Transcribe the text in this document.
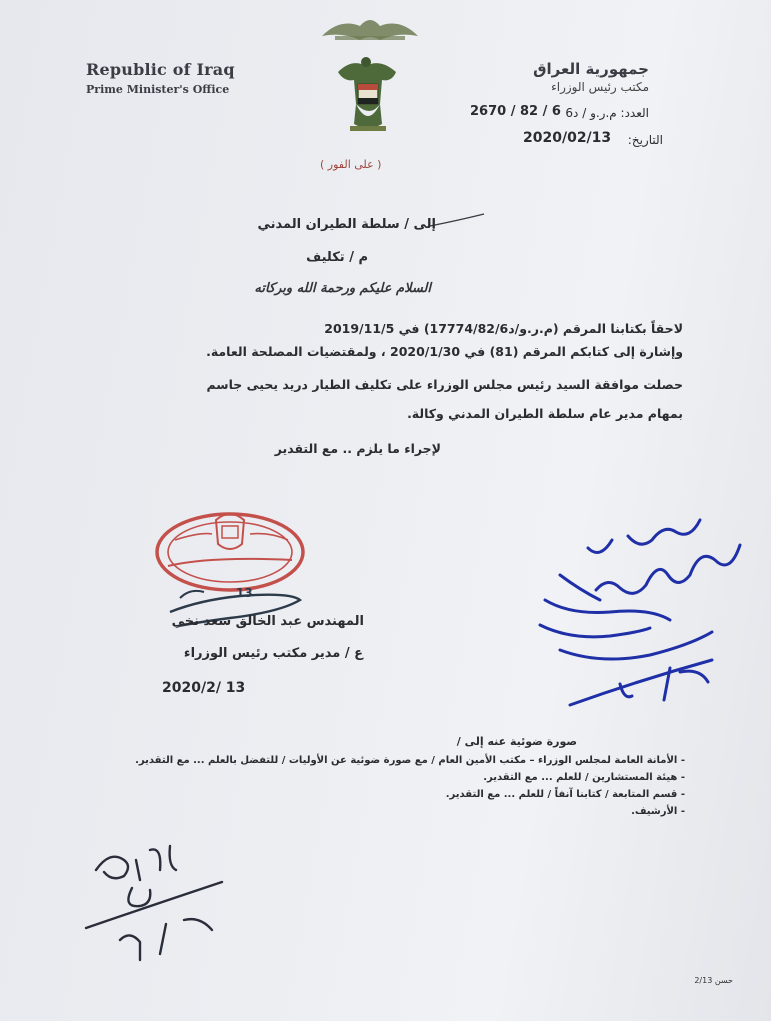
Republic of Iraq
Prime Minister's Office
جمهورية العراق
مكتب رئيس الوزراء
العدد: م.ر.و / د6
2670 / 82 / 6
التاريخ:
2020/02/13
( على الفور )
إلى / سلطة الطيران المدني
م / تكليف
السلام عليكم ورحمة الله وبركاته
لاحقاً بكتابنا المرقم (م.ر.و/د17774/82/6) في 2019/11/5
وإشارة إلى كتابكم المرقم (81) في 2020/1/30 ، ولمقتضيات المصلحة العامة.
حصلت موافقة السيد رئيس مجلس الوزراء على تكليف الطيار دريد يحيى جاسم
بمهام مدير عام سلطة الطيران المدني وكالة.
لإجراء ما يلزم .. مع التقدير
13
المهندس عبد الخالق سعد نخي
ع / مدير مكتب رئيس الوزراء
2020/2/ 13
صورة ضوئية عنه إلى /
- الأمانة العامة لمجلس الوزراء – مكتب الأمين العام / مع صورة ضوئية عن الأوليات / للتفضل بالعلم ... مع التقدير.
- هيئة المستشارين / للعلم ... مع التقدير.
- قسم المتابعة / كتابنا آنفاً / للعلم ... مع التقدير.
- الأرشيف.
حسن 2/13
